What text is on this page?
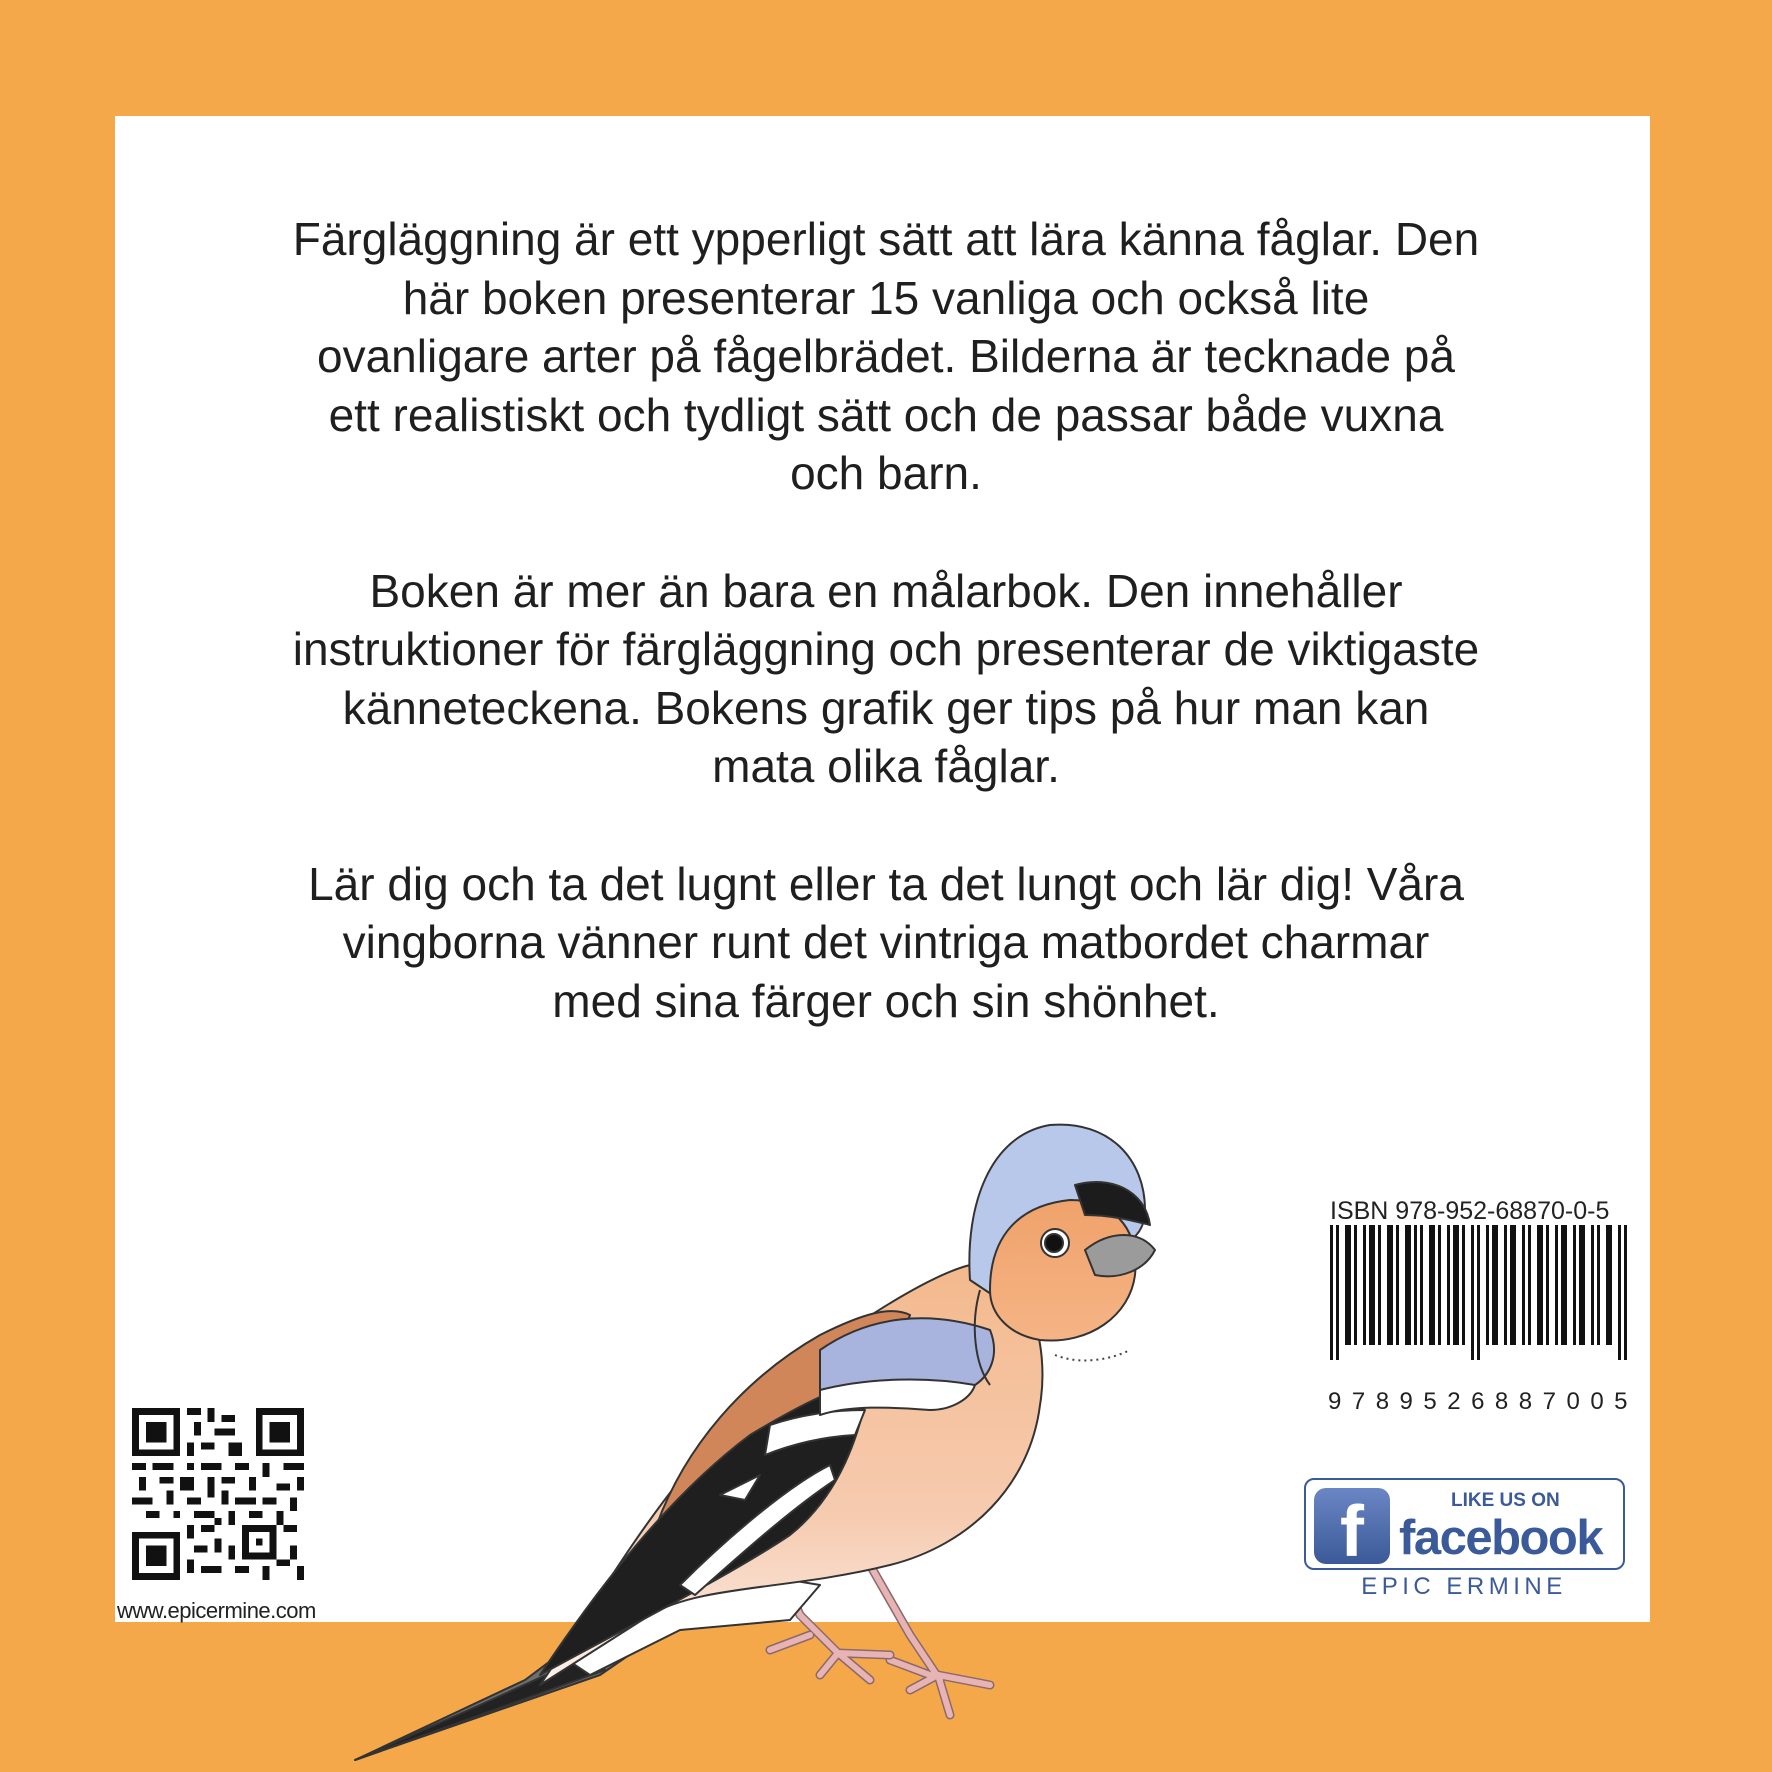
Färgläggning är ett ypperligt sätt att lära känna fåglar. Den
här boken presenterar 15 vanliga och också lite
ovanligare arter på fågelbrädet. Bilderna är tecknade på
ett realistiskt och tydligt sätt och de passar både vuxna
och barn.

Boken är mer än bara en målarbok. Den innehåller
instruktioner för färgläggning och presenterar de viktigaste
känneteckena. Bokens grafik ger tips på hur man kan
mata olika fåglar.

Lär dig och ta det lugnt eller ta det lungt och lär dig! Våra
vingborna vänner runt det vintriga matbordet charmar
med sina färger och sin shönhet.

www.epicermine.com
ISBN 978-952-68870-0-5
9789526887005
f	LIKE US ON
facebook
EPIC ERMINE
